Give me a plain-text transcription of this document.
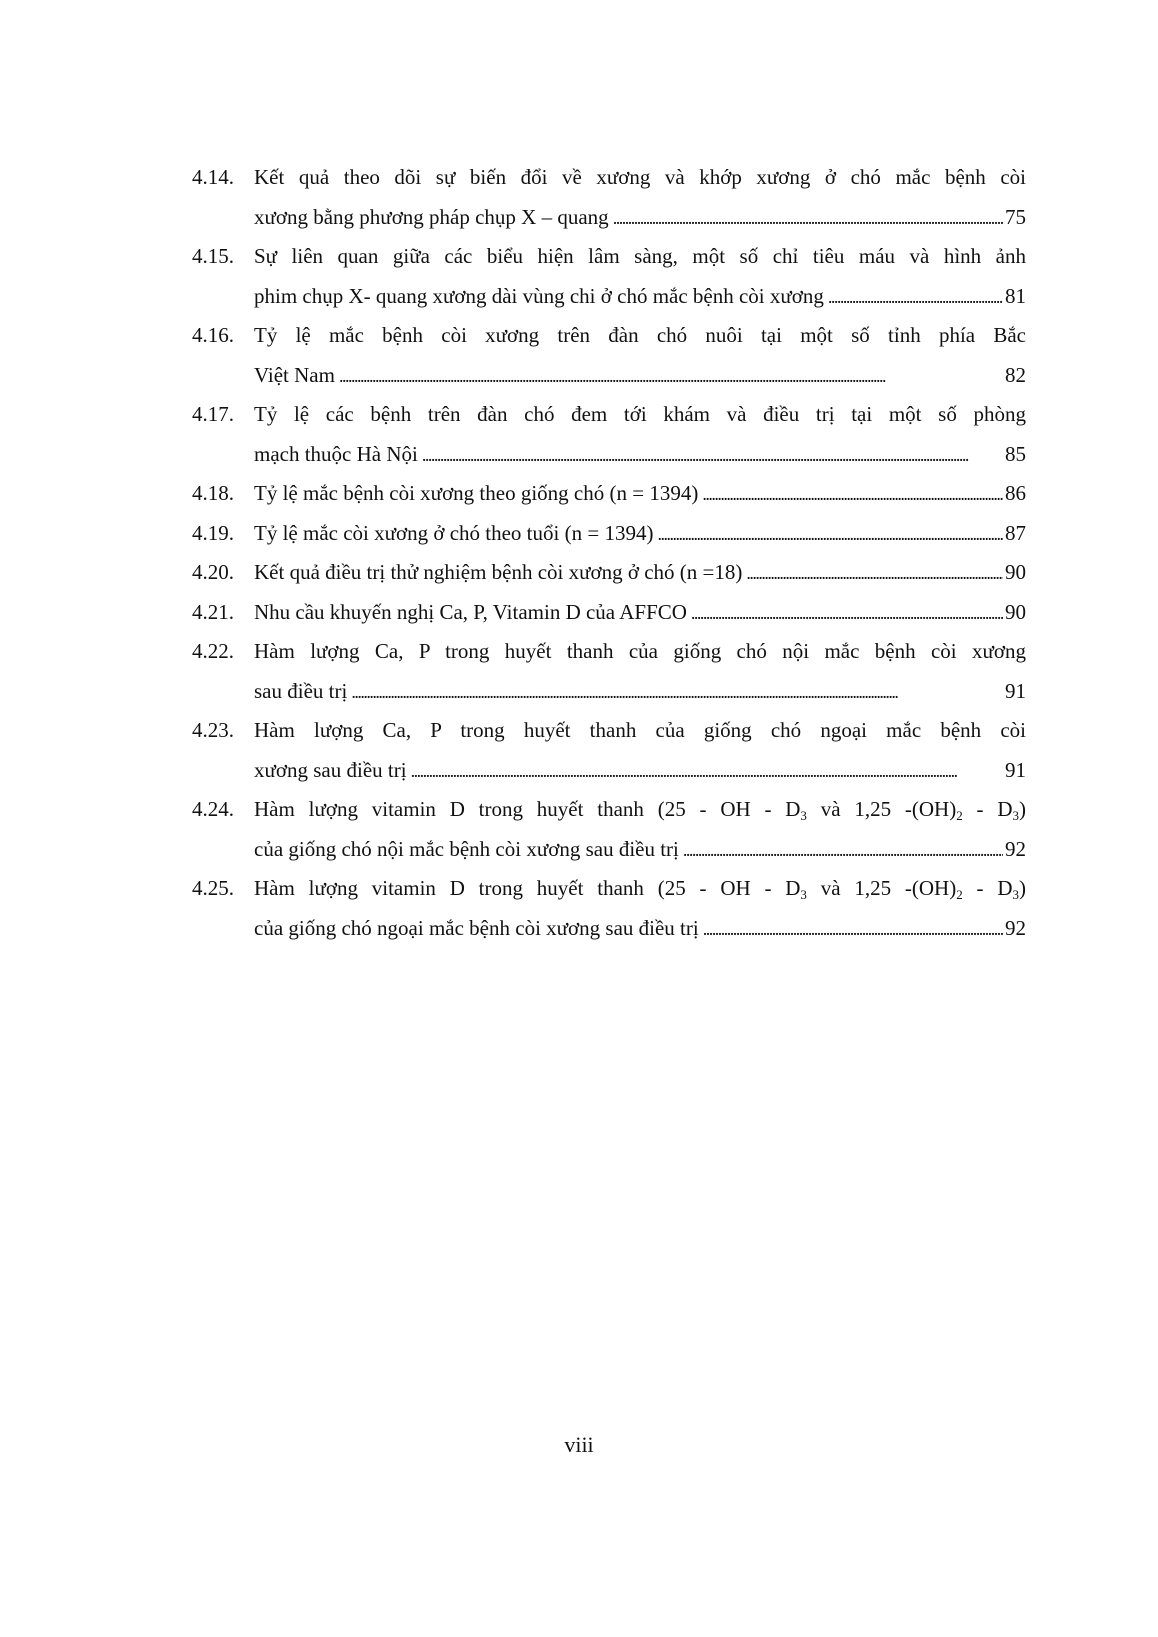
4.14. Kết quả theo dõi sự biến đổi về xương và khớp xương ở chó mắc bệnh còi
xương bằng phương pháp chụp X – quang . . .	75
4.15. Sự liên quan giữa các biểu hiện lâm sàng, một số chỉ tiêu máu và hình ảnh
phim chụp X- quang xương dài vùng chi ở chó mắc bệnh còi xương . . .	81
4.16. Tỷ lệ mắc bệnh còi xương trên đàn chó nuôi tại một số tỉnh phía Bắc
Việt Nam . . .	82
4.17. Tỷ lệ các bệnh trên đàn chó đem tới khám và điều trị tại một số phòng
mạch thuộc Hà Nội . . .	85
4.18. Tỷ lệ mắc bệnh còi xương theo giống chó (n = 1394) . . .	86
4.19. Tỷ lệ mắc còi xương ở chó theo tuổi (n = 1394) . . .	87
4.20. Kết quả điều trị thử nghiệm bệnh còi xương ở chó (n =18) . . .	90
4.21. Nhu cầu khuyến nghị Ca, P, Vitamin D của AFFCO . . .	90
4.22. Hàm lượng Ca, P trong huyết thanh của giống chó nội mắc bệnh còi xương
sau điều trị . . .	91
4.23. Hàm lượng Ca, P trong huyết thanh của giống chó ngoại mắc bệnh còi
xương sau điều trị . . .	91
4.24. Hàm lượng vitamin D trong huyết thanh (25 - OH - $D_3$ và 1,25 $-(OH)_2 - D_3$)
của giống chó nội mắc bệnh còi xương sau điều trị . . .	92
4.25. Hàm lượng vitamin D trong huyết thanh (25 - OH - $D_3$ và 1,25 $-(OH)_2 - D_3$)
của giống chó ngoại mắc bệnh còi xương sau điều trị . . .	92
viii
